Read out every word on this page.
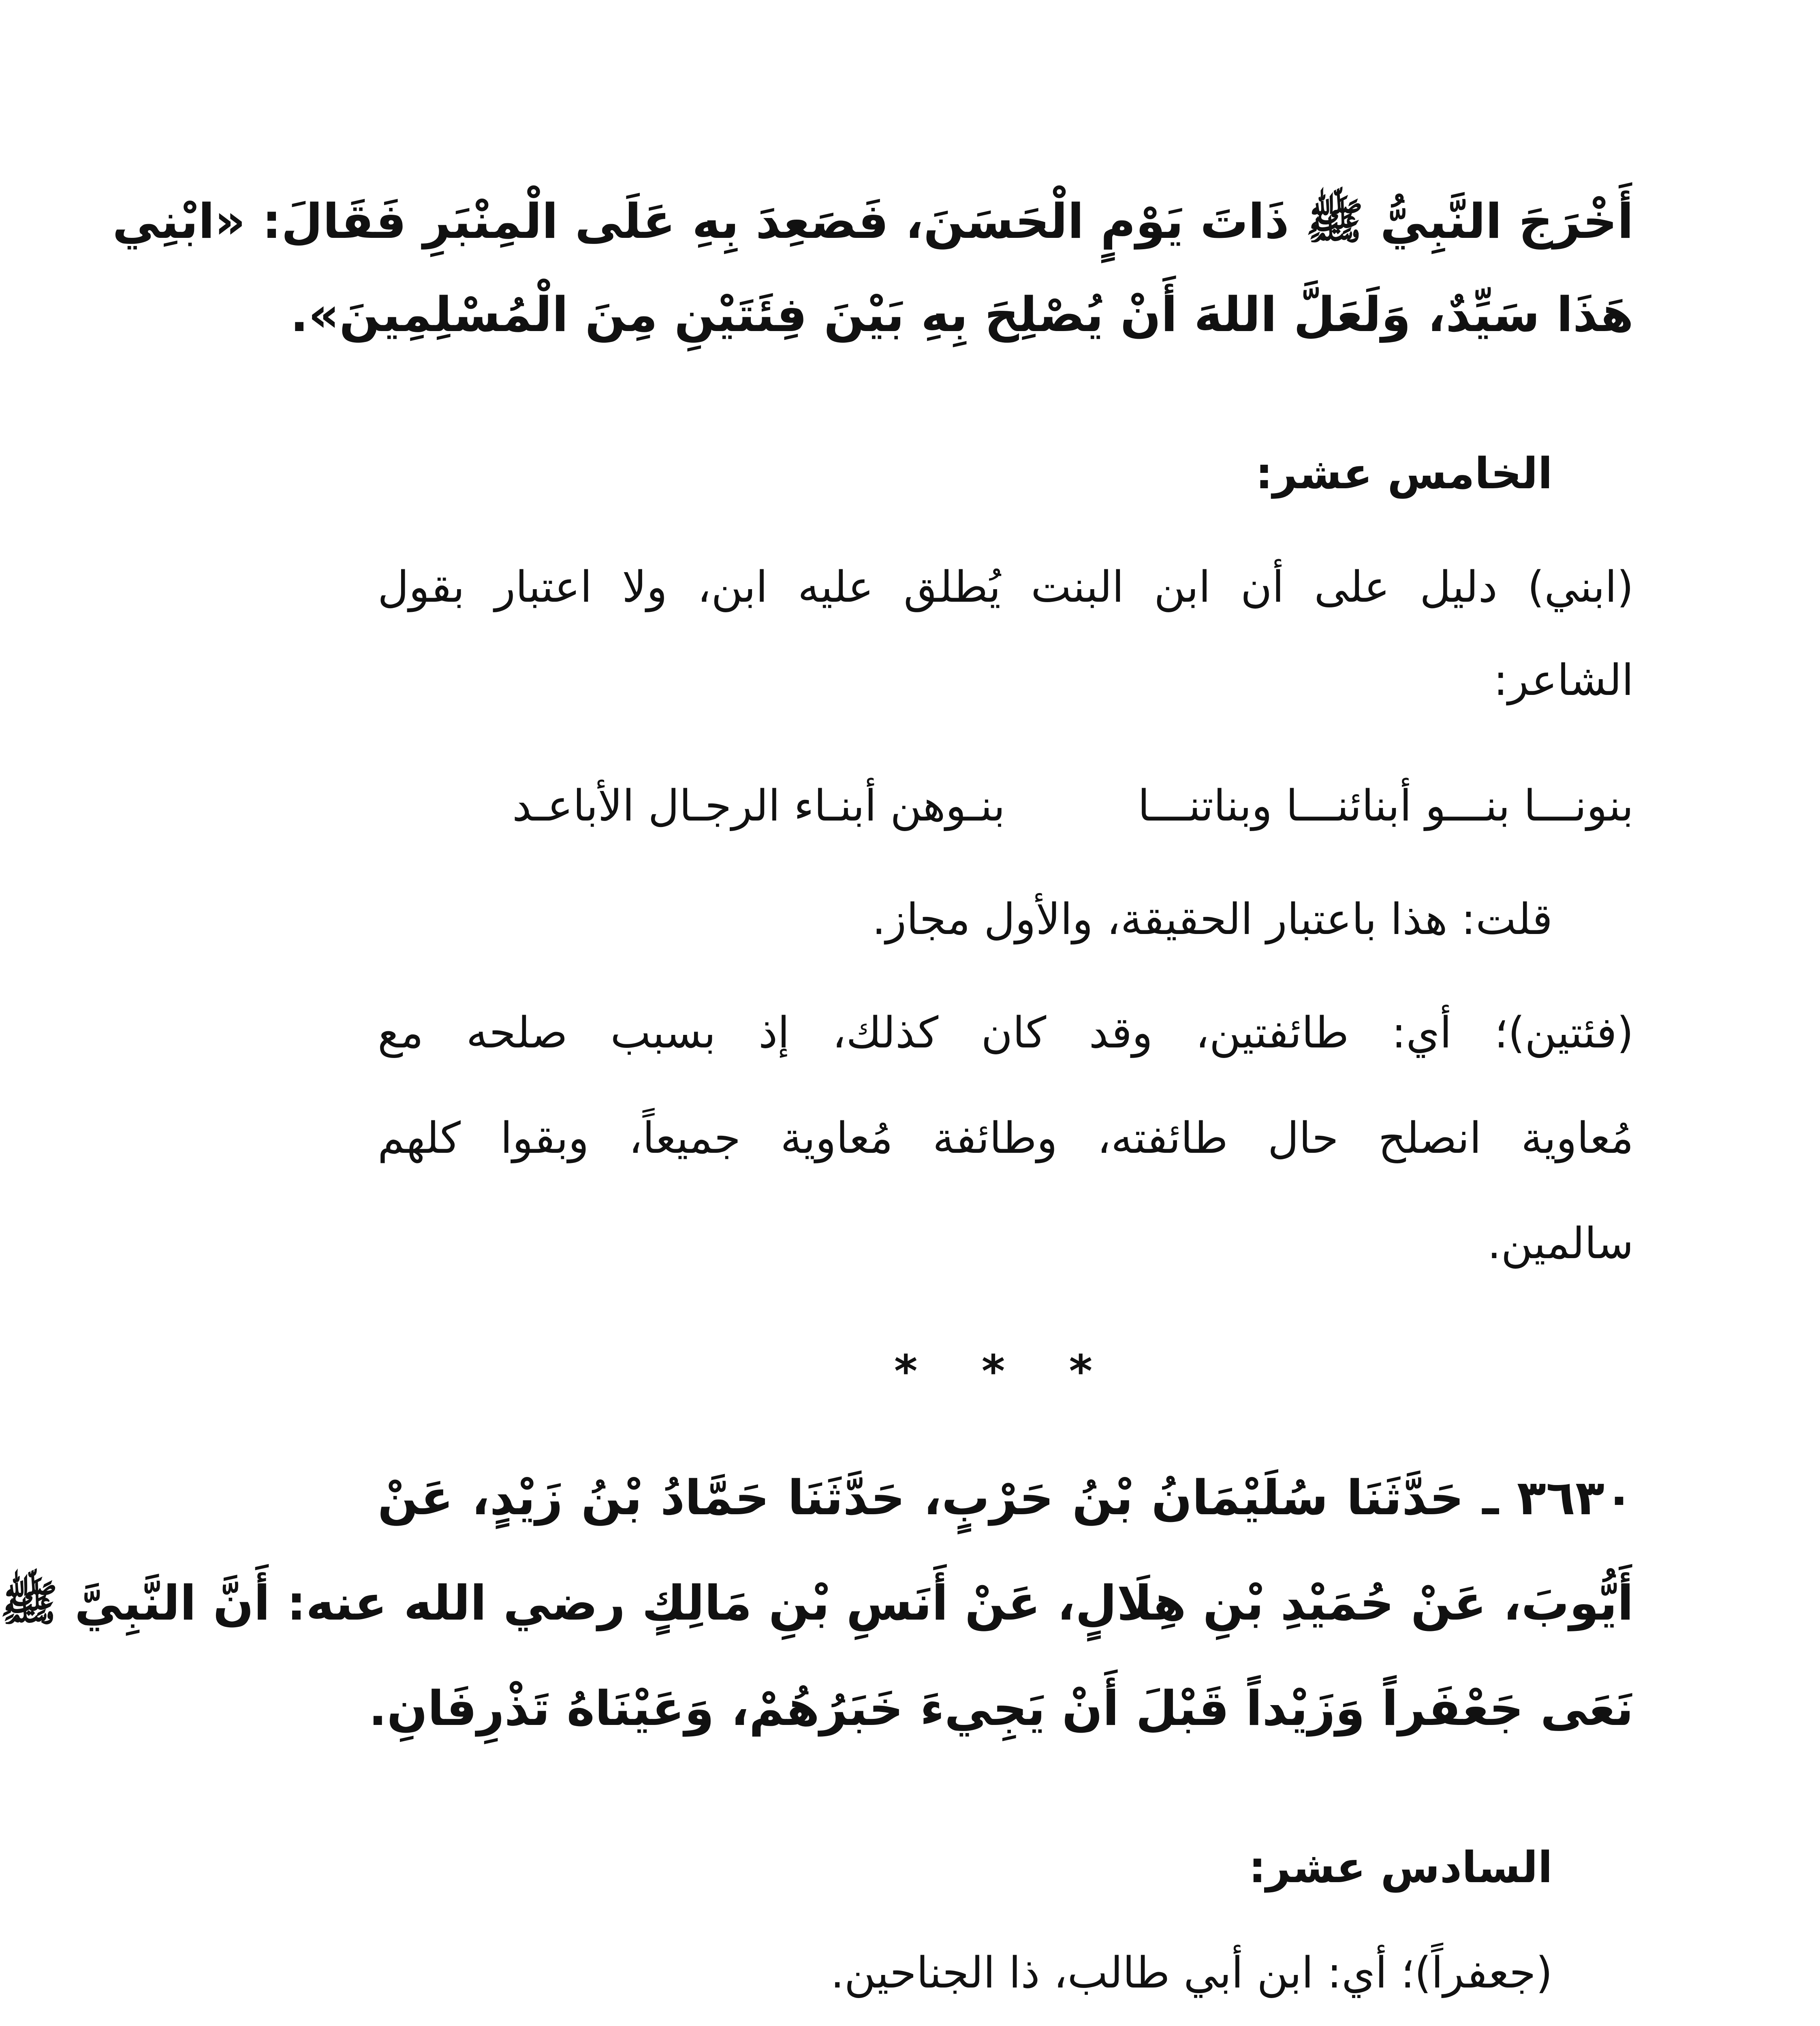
أَخْرَجَ النَّبِيُّ ﷺ ذَاتَ يَوْمٍ الْحَسَنَ، فَصَعِدَ بِهِ عَلَى الْمِنْبَرِ فَقَالَ: «ابْنِي
هَذَا سَيِّدٌ، وَلَعَلَّ اللهَ أَنْ يُصْلِحَ بِهِ بَيْنَ فِئَتَيْنِ مِنَ الْمُسْلِمِينَ».
الخامس عشر:
(ابني) دليل على أن ابن البنت يُطلق عليه ابن، ولا اعتبار بقول
الشاعر:
بنونـــا بنـــو أبنائنـــا وبناتنـــا
بنـوهن أبنـاء الرجـال الأباعـد
قلت: هذا باعتبار الحقيقة، والأول مجاز.
(فئتين)؛ أي: طائفتين، وقد كان كذلك، إذ بسبب صلحه مع
مُعاوية انصلح حال طائفته، وطائفة مُعاوية جميعاً، وبقوا كلهم
سالمين.
* * *
٣٦٣٠ ـ حَدَّثَنَا سُلَيْمَانُ بْنُ حَرْبٍ، حَدَّثَنَا حَمَّادُ بْنُ زَيْدٍ، عَنْ
أَيُّوبَ، عَنْ حُمَيْدِ بْنِ هِلَالٍ، عَنْ أَنَسِ بْنِ مَالِكٍ رضي الله عنه: أَنَّ النَّبِيَّ ﷺ
نَعَى جَعْفَراً وَزَيْداً قَبْلَ أَنْ يَجِيءَ خَبَرُهُمْ، وَعَيْنَاهُ تَذْرِفَانِ.
السادس عشر:
(جعفراً)؛ أي: ابن أبي طالب، ذا الجناحين.
